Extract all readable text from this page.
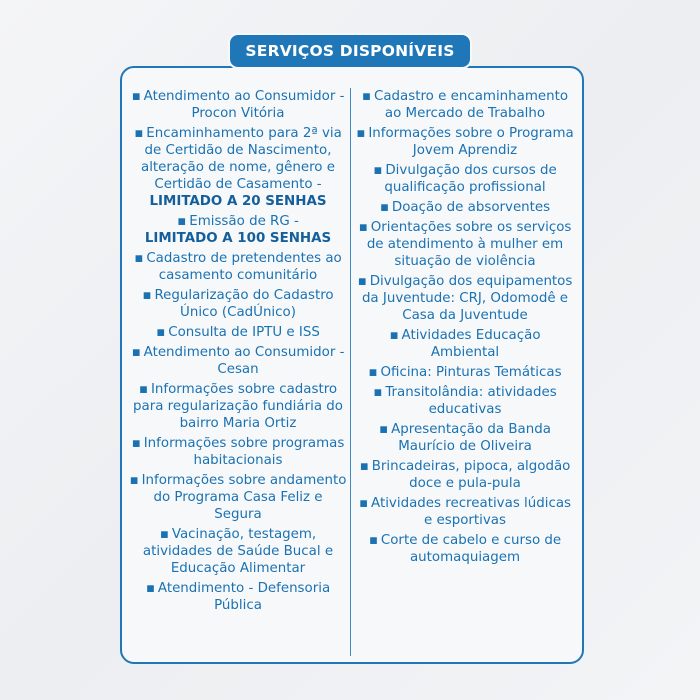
SERVIÇOS DISPONÍVEIS
▪ Atendimento ao Consumidor - Procon Vitória
▪ Encaminhamento para 2ª via de Certidão de Nascimento, alteração de nome, gênero e Certidão de Casamento -
LIMITADO A 20 SENHAS
▪ Emissão de RG -
LIMITADO A 100 SENHAS
▪ Cadastro de pretendentes ao casamento comunitário
▪ Regularização do Cadastro Único (CadÚnico)
▪ Consulta de IPTU e ISS
▪ Atendimento ao Consumidor - Cesan
▪ Informações sobre cadastro para regularização fundiária do bairro Maria Ortiz
▪ Informações sobre programas habitacionais
▪ Informações sobre andamento do Programa Casa Feliz e Segura
▪ Vacinação, testagem, atividades de Saúde Bucal e Educação Alimentar
▪ Atendimento - Defensoria Pública
▪ Cadastro e encaminhamento ao Mercado de Trabalho
▪ Informações sobre o Programa Jovem Aprendiz
▪ Divulgação dos cursos de qualificação profissional
▪ Doação de absorventes
▪ Orientações sobre os serviços de atendimento à mulher em situação de violência
▪ Divulgação dos equipamentos da Juventude: CRJ, Odomodê e Casa da Juventude
▪ Atividades Educação Ambiental
▪ Oficina: Pinturas Temáticas
▪ Transitolândia: atividades educativas
▪ Apresentação da Banda Maurício de Oliveira
▪ Brincadeiras, pipoca, algodão doce e pula-pula
▪ Atividades recreativas lúdicas e esportivas
▪ Corte de cabelo e curso de automaquiagem
